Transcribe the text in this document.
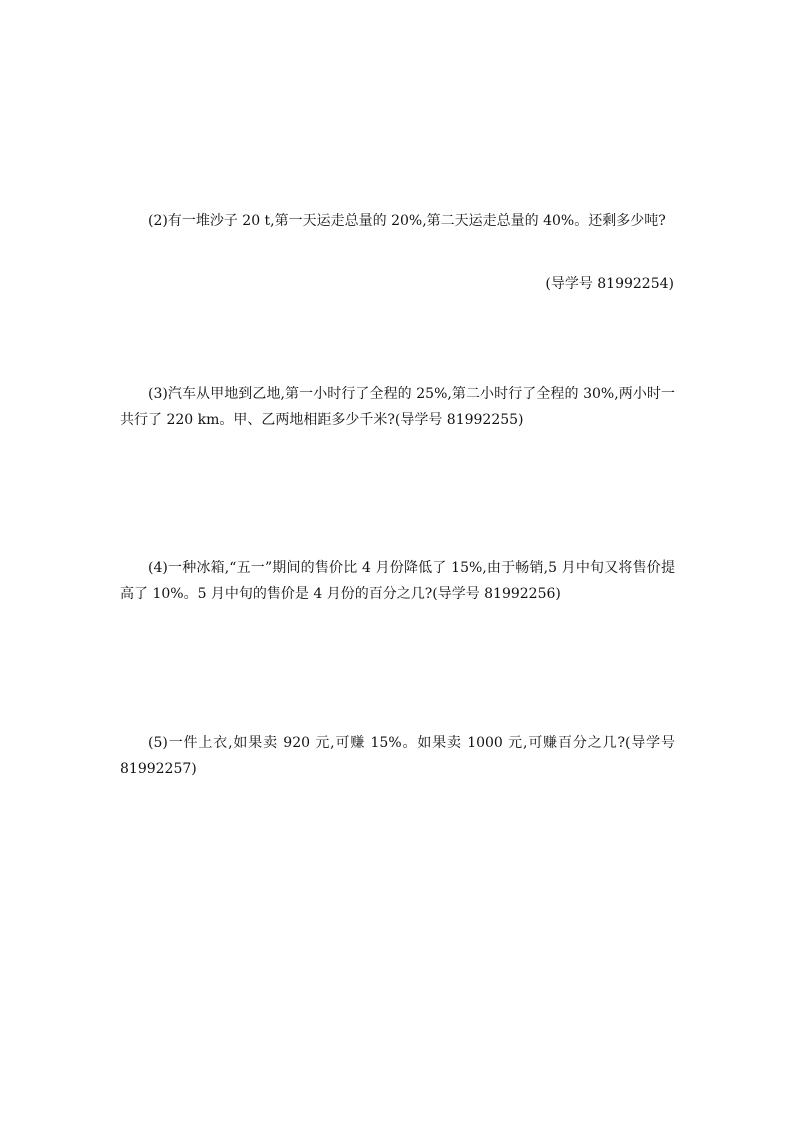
(2)有一堆沙子 20 t,第一天运走总量的 20%,第二天运走总量的 40%。还剩多少吨?

(导学号 81992254)

(3)汽车从甲地到乙地,第一小时行了全程的 25%,第二小时行了全程的 30%,两小时一共行了 220 km。甲、乙两地相距多少千米?(导学号 81992255)

(4)一种冰箱,“五一”期间的售价比 4 月份降低了 15%,由于畅销,5 月中旬又将售价提高了 10%。5 月中旬的售价是 4 月份的百分之几?(导学号 81992256)

(5)一件上衣,如果卖 920 元,可赚 15%。如果卖 1000 元,可赚百分之几?(导学号 81992257)
